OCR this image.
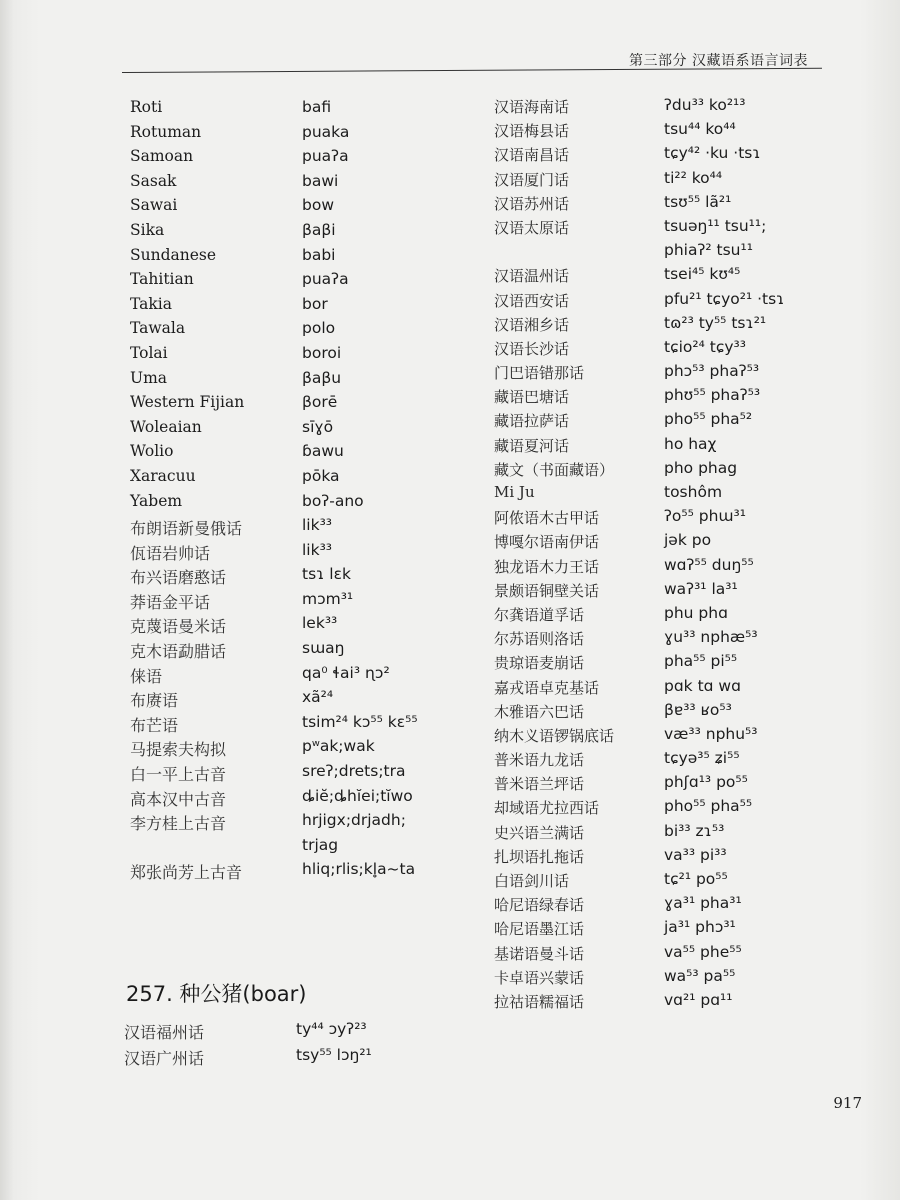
第三部分 汉藏语系语言词表
Roti	bafi
Rotuman	puaka
Samoan	puaʔa
Sasak	bawi
Sawai	bow
Sika	βaβi
Sundanese	babi
Tahitian	puaʔa
Takia	bor
Tawala	polo
Tolai	boroi
Uma	βaβu
Western Fijian	βorē
Woleaian	sīɣō
Wolio	ɓawu
Xaracuu	pōka
Yabem	boʔ-ano
布朗语新曼俄话	lik³³
佤语岩帅话	lik³³
布兴语磨憨话	tsɿ lɛk
莽语金平话	mɔm³¹
克蔑语曼米话	lek³³
克木语勐腊话	sɯaŋ
俫语	qa⁰ ɬai³ ɳɔ²
布赓语	xã²⁴
布芒语	tsim²⁴ kɔ⁵⁵ kɛ⁵⁵
马提索夫构拟	pʷak;wak
白一平上古音	sreʔ;drets;tra
高本汉中古音	ȡiĕ;ȡhĭei;tĭwo
李方桂上古音	hrjigx;drjadh;
trjag
郑张尚芳上古音	hliq;rlis;kl̥a~ta
257. 种公猪(boar)
汉语福州话	ty⁴⁴ ɔyʔ²³
汉语广州话	tsy⁵⁵ lɔŋ²¹
汉语海南话	ʔdu³³ ko²¹³
汉语梅县话	tsu⁴⁴ ko⁴⁴
汉语南昌话	tɕy⁴² ·ku ·tsɿ
汉语厦门话	ti²² ko⁴⁴
汉语苏州话	tsʊ⁵⁵ lã²¹
汉语太原话	tsuəŋ¹¹ tsu¹¹;
phiaʔ² tsu¹¹
汉语温州话	tsei⁴⁵ kʊ⁴⁵
汉语西安话	pfu²¹ tɕyo²¹ ·tsɿ
汉语湘乡话	tɷ²³ ty⁵⁵ tsɿ²¹
汉语长沙话	tɕio²⁴ tɕy³³
门巴语错那话	phɔ⁵³ phaʔ⁵³
藏语巴塘话	phʊ⁵⁵ phaʔ⁵³
藏语拉萨话	pho⁵⁵ pha⁵²
藏语夏河话	ho haχ
藏文（书面藏语）	pho phag
Mi Ju	toshôm
阿侬语木古甲话	ʔo⁵⁵ phɯ³¹
博嘎尔语南伊话	jək po
独龙语木力王话	wɑʔ⁵⁵ duŋ⁵⁵
景颇语铜壁关话	waʔ³¹ la³¹
尔龚语道孚话	phu phɑ
尔苏语则洛话	ɣu³³ nphæ⁵³
贵琼语麦崩话	pha⁵⁵ pi⁵⁵
嘉戎语卓克基话	pɑk tɑ wɑ
木雅语六巴话	βɐ³³ ʁo⁵³
纳木义语锣锅底话	væ³³ nphu⁵³
普米语九龙话	tɕyə³⁵ ʑi⁵⁵
普米语兰坪话	phʃɑ¹³ po⁵⁵
却域语尤拉西话	pho⁵⁵ pha⁵⁵
史兴语兰满话	bi³³ zɿ⁵³
扎坝语扎拖话	va³³ pi³³
白语剑川话	tɕ²¹ po⁵⁵
哈尼语绿春话	ɣa³¹ pha³¹
哈尼语墨江话	ja³¹ phɔ³¹
基诺语曼斗话	va⁵⁵ phe⁵⁵
卡卓语兴蒙话	wa⁵³ pa⁵⁵
拉祜语糯福话	vɑ²¹ pɑ¹¹
917
